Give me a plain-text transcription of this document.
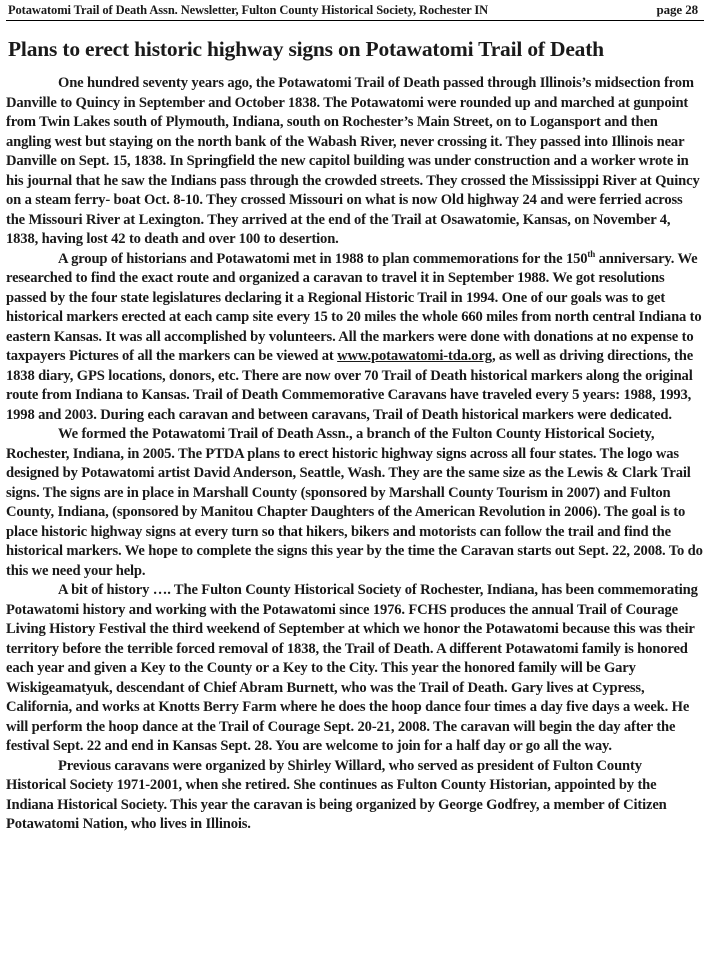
Potawatomi Trail of Death Assn. Newsletter, Fulton County Historical Society, Rochester IN	page 28
Plans to erect historic highway signs on Potawatomi Trail of Death

One hundred seventy years ago, the Potawatomi Trail of Death passed through Illinois’s midsection from Danville to Quincy in September and October 1838. The Potawatomi were rounded up and marched at gunpoint from Twin Lakes south of Plymouth, Indiana, south on Rochester’s Main Street, on to Logansport and then angling west but staying on the north bank of the Wabash River, never crossing it. They passed into Illinois near Danville on Sept. 15, 1838. In Springfield the new capitol building was under construction and a worker wrote in his journal that he saw the Indians pass through the crowded streets. They crossed the Mississippi River at Quincy on a steam ferry- boat Oct. 8-10. They crossed Missouri on what is now Old highway 24 and were ferried across the Missouri River at Lexington. They arrived at the end of the Trail at Osawatomie, Kansas, on November 4, 1838, having lost 42 to death and over 100 to desertion.

A group of historians and Potawatomi met in 1988 to plan commemorations for the 150th anniversary. We researched to find the exact route and organized a caravan to travel it in September 1988. We got resolutions passed by the four state legislatures declaring it a Regional Historic Trail in 1994. One of our goals was to get historical markers erected at each camp site every 15 to 20 miles the whole 660 miles from north central Indiana to eastern Kansas. It was all accomplished by volunteers. All the markers were done with donations at no expense to taxpayers Pictures of all the markers can be viewed at www.potawatomi-tda.org, as well as driving directions, the 1838 diary, GPS locations, donors, etc. There are now over 70 Trail of Death historical markers along the original route from Indiana to Kansas. Trail of Death Commemorative Caravans have traveled every 5 years: 1988, 1993, 1998 and 2003. During each caravan and between caravans, Trail of Death historical markers were dedicated.

We formed the Potawatomi Trail of Death Assn., a branch of the Fulton County Historical Society, Rochester, Indiana, in 2005. The PTDA plans to erect historic highway signs across all four states. The logo was designed by Potawatomi artist David Anderson, Seattle, Wash. They are the same size as the Lewis & Clark Trail signs. The signs are in place in Marshall County (sponsored by Marshall County Tourism in 2007) and Fulton County, Indiana, (sponsored by Manitou Chapter Daughters of the American Revolution in 2006). The goal is to place historic highway signs at every turn so that hikers, bikers and motorists can follow the trail and find the historical markers. We hope to complete the signs this year by the time the Caravan starts out Sept. 22, 2008. To do this we need your help.

A bit of history …. The Fulton County Historical Society of Rochester, Indiana, has been commemorating Potawatomi history and working with the Potawatomi since 1976. FCHS produces the annual Trail of Courage Living History Festival the third weekend of September at which we honor the Potawatomi because this was their territory before the terrible forced removal of 1838, the Trail of Death. A different Potawatomi family is honored each year and given a Key to the County or a Key to the City. This year the honored family will be Gary Wiskigeamatyuk, descendant of Chief Abram Burnett, who was the Trail of Death. Gary lives at Cypress, California, and works at Knotts Berry Farm where he does the hoop dance four times a day five days a week. He will perform the hoop dance at the Trail of Courage Sept. 20-21, 2008. The caravan will begin the day after the festival Sept. 22 and end in Kansas Sept. 28. You are welcome to join for a half day or go all the way.

Previous caravans were organized by Shirley Willard, who served as president of Fulton County Historical Society 1971-2001, when she retired. She continues as Fulton County Historian, appointed by the Indiana Historical Society. This year the caravan is being organized by George Godfrey, a member of Citizen Potawatomi Nation, who lives in Illinois.
